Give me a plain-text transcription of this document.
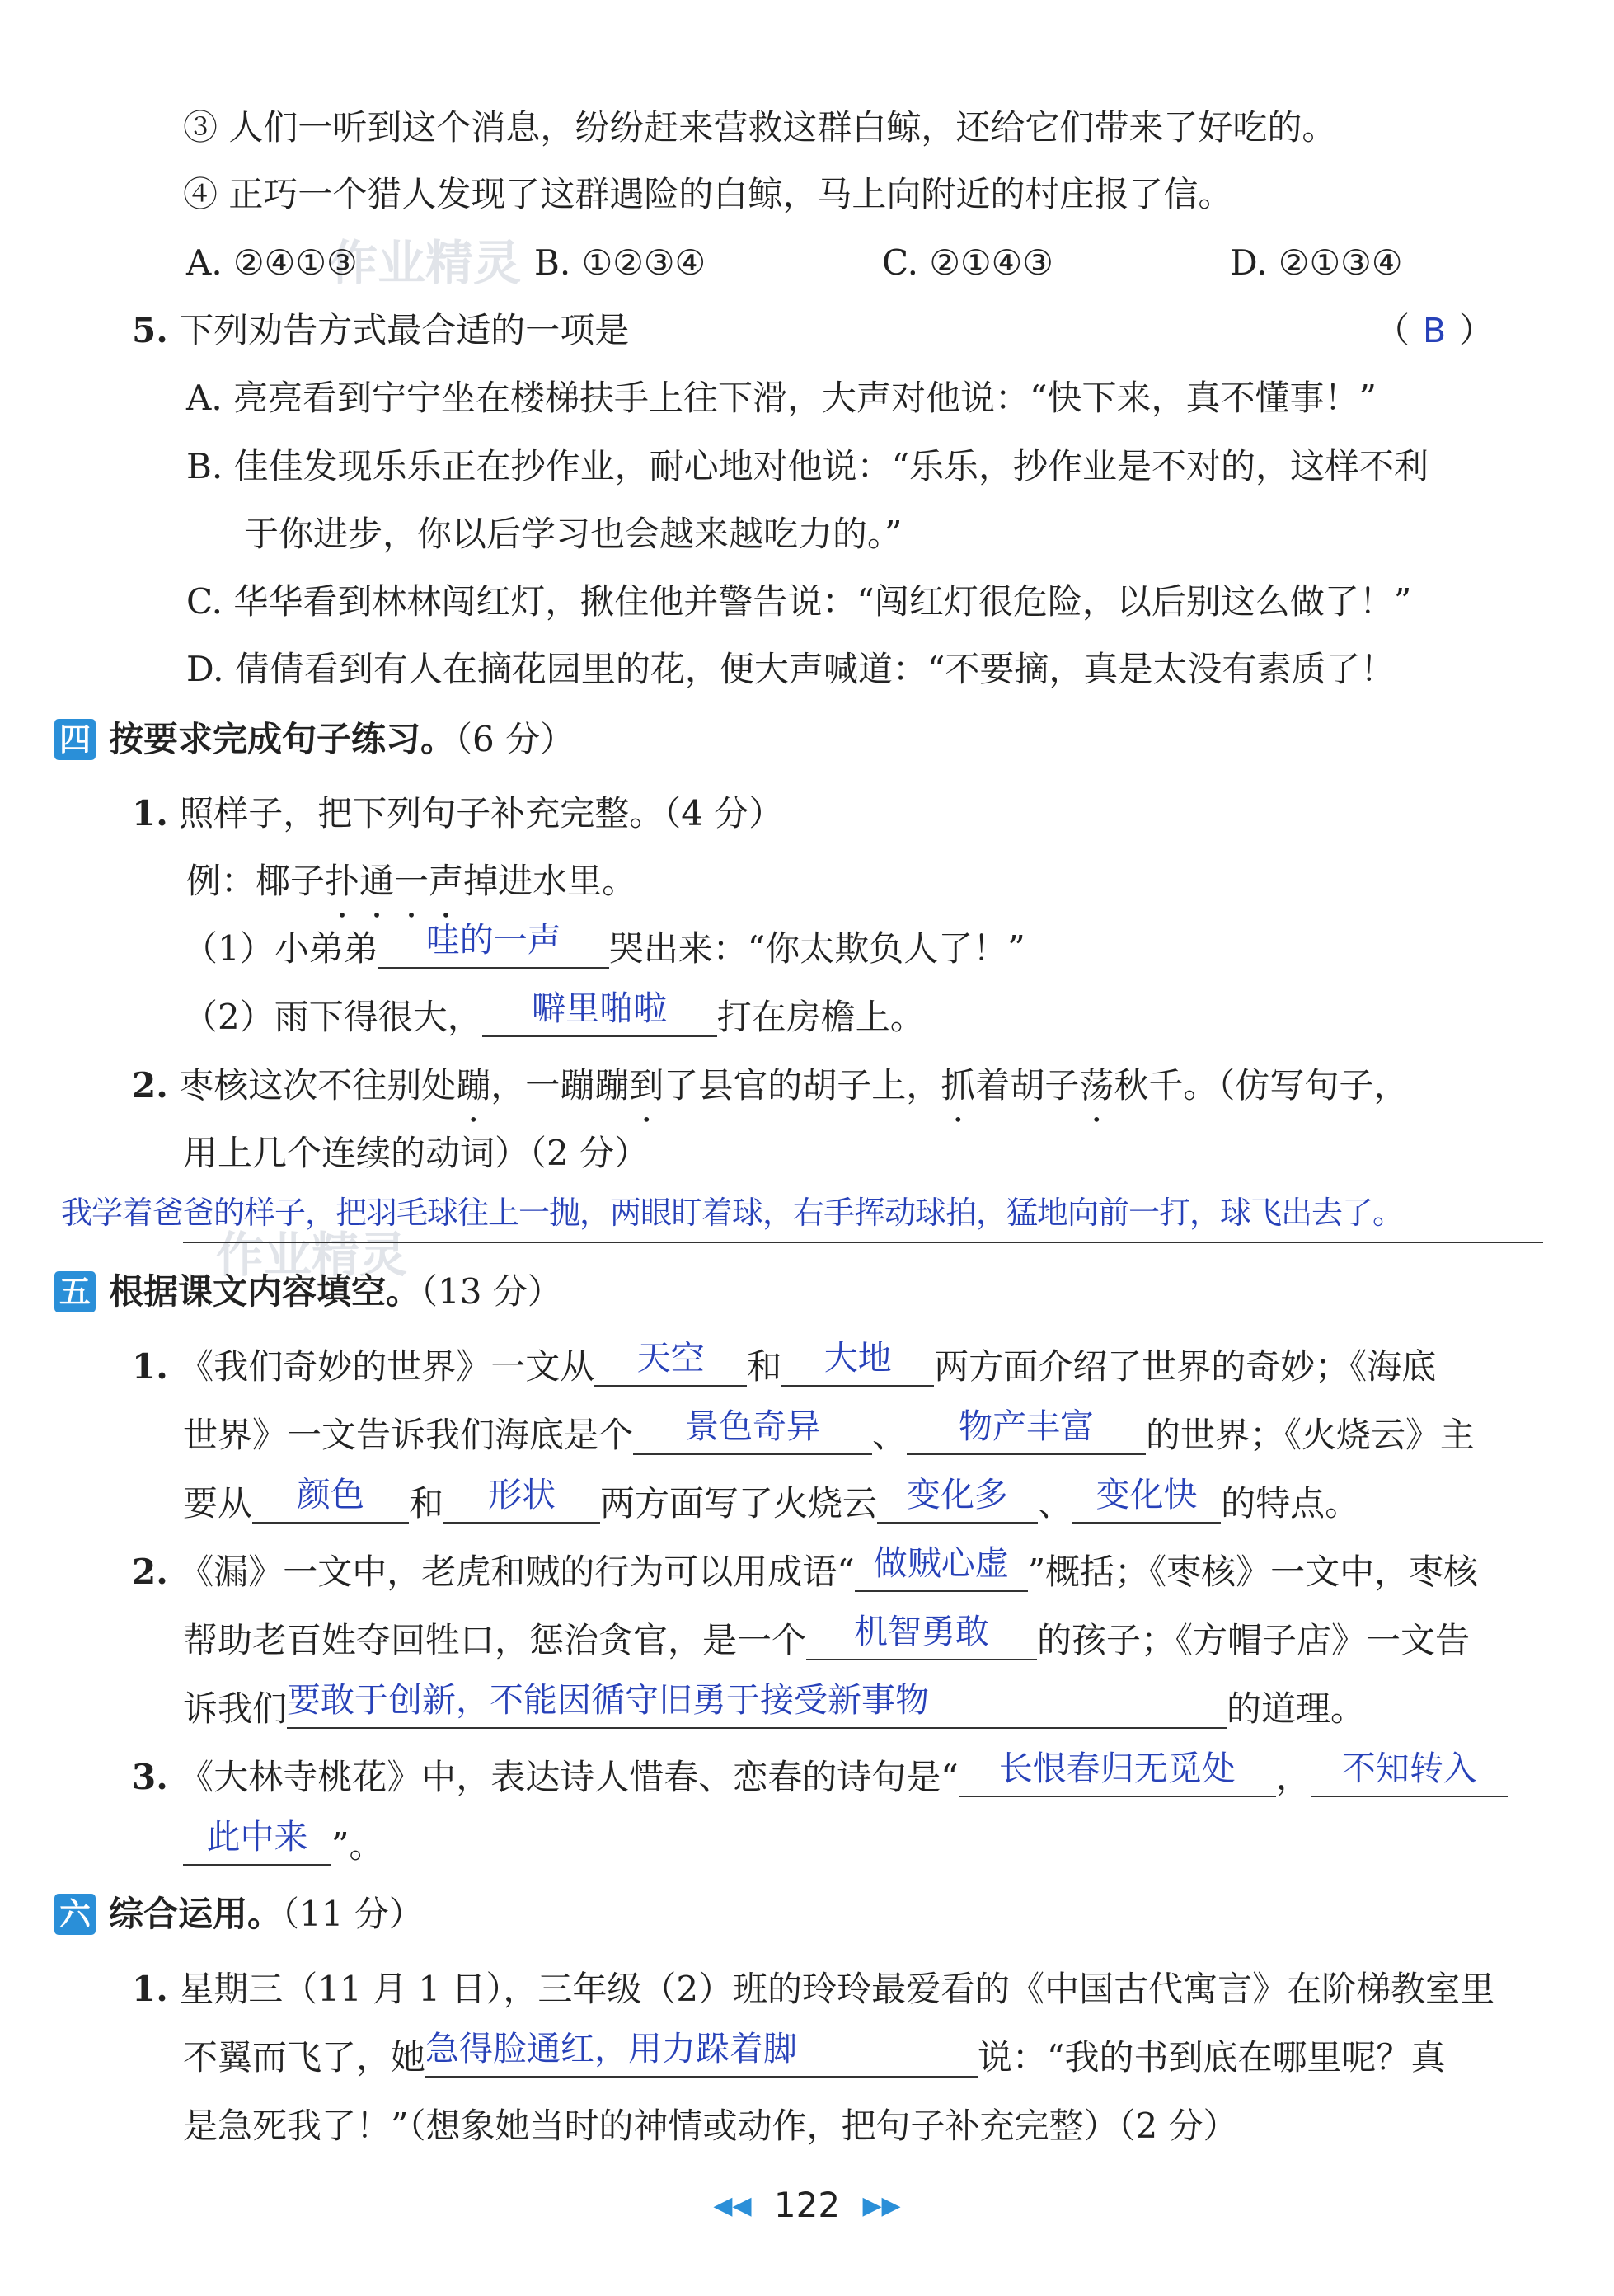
作业精灵
作业精灵
③ 人们一听到这个消息，纷纷赶来营救这群白鲸，还给它们带来了好吃的。
④ 正巧一个猎人发现了这群遇险的白鲸，马上向附近的村庄报了信。
A. ②④①③	B. ①②③④	C. ②①④③	D. ②①③④
5. 下列劝告方式最合适的一项是	（ B ）
A. 亮亮看到宁宁坐在楼梯扶手上往下滑，大声对他说：“快下来，真不懂事！”
B. 佳佳发现乐乐正在抄作业，耐心地对他说：“乐乐，抄作业是不对的，这样不利
于你进步，你以后学习也会越来越吃力的。”
C. 华华看到林林闯红灯，揪住他并警告说：“闯红灯很危险，以后别这么做了！”
D. 倩倩看到有人在摘花园里的花，便大声喊道：“不要摘，真是太没有素质了！
四 按要求完成句子练习。（6 分）
1. 照样子，把下列句子补充完整。（4 分）
例：椰子扑通一声掉进水里。
（1）小弟弟	哇的一声	哭出来：“你太欺负人了！”
（2）雨下得很大，	噼里啪啦	打在房檐上。
2. 枣核这次不往别处蹦，一蹦蹦到了县官的胡子上，抓着胡子荡秋千。（仿写句子，
用上几个连续的动词）（2 分）
我学着爸爸的样子，把羽毛球往上一抛，两眼盯着球，右手挥动球拍，猛地向前一打，球飞出去了。
五 根据课文内容填空。（13 分）
1. 《我们奇妙的世界》一文从	天空	和	大地	两方面介绍了世界的奇妙；《海底
世界》一文告诉我们海底是个	景色奇异	、	物产丰富	的世界；《火烧云》主
要从	颜色	和	形状	两方面写了火烧云 变化多 、 变化快 的特点。
2. 《漏》一文中，老虎和贼的行为可以用成语“ 做贼心虚 ”概括；《枣核》一文中，枣核
帮助老百姓夺回牲口，惩治贪官，是一个	机智勇敢	的孩子；《方帽子店》一文告
诉我们 要敢于创新，不能因循守旧勇于接受新事物	的道理。
3. 《大林寺桃花》中，表达诗人惜春、恋春的诗句是“	长恨春归无觅处	， 不知转入
此中来 ”。
六 综合运用。（11 分）
1. 星期三（11 月 1 日），三年级（2）班的玲玲最爱看的《中国古代寓言》在阶梯教室里
不翼而飞了，她 急得脸通红，用力跺着脚	说：“我的书到底在哪里呢？真
是急死我了！”（想象她当时的神情或动作，把句子补充完整）（2 分）
◀◀ 122 ▶▶
